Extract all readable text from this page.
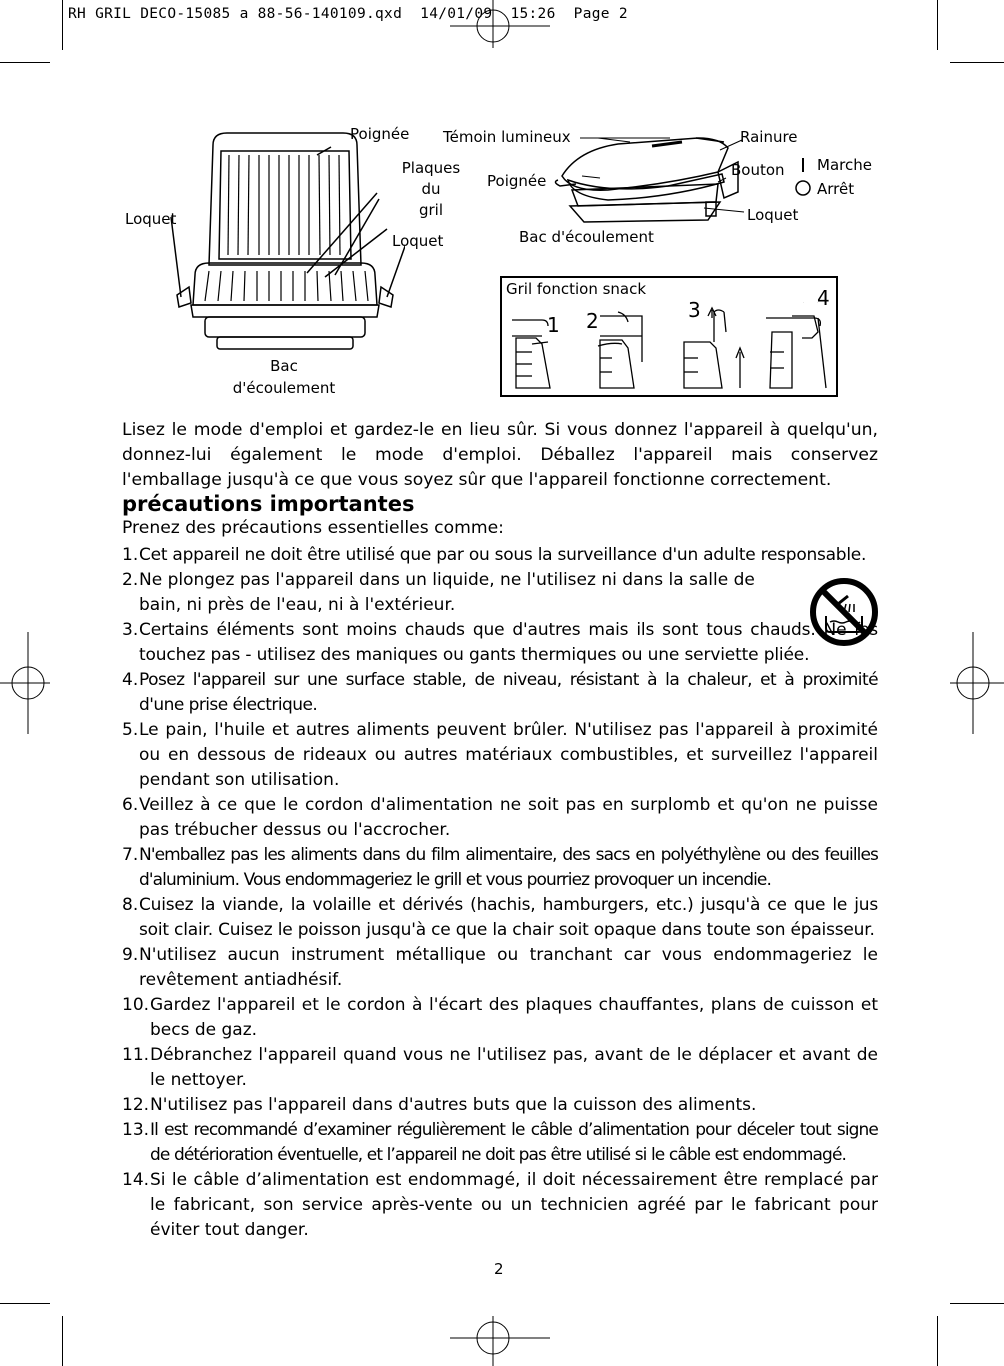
RH GRIL DECO-15085 a 88-56-140109.qxd  14/01/09  15:26  Page 2
Poignée
Plaques
du
gril
Loquet
Loquet
Bac
d'écoulement
Témoin lumineux	Rainure
Poignée
Bouton Marche
Arrêt
Loquet
Bac d'écoulement
Gril fonction snack
1 2	3	4
Lisez le mode d'emploi et gardez-le en lieu sûr. Si vous donnez l'appareil à quelqu'un, donnez-lui également le mode d'emploi. Déballez l'appareil mais conservez l'emballage jusqu'à ce que vous soyez sûr que l'appareil fonctionne correctement.
précautions importantes
Prenez des précautions essentielles comme:
1. Cet appareil ne doit être utilisé que par ou sous la surveillance d'un adulte responsable.
2. Ne plongez pas l'appareil dans un liquide, ne l'utilisez ni dans la salle de bain, ni près de l'eau, ni à l'extérieur.
3. Certains éléments sont moins chauds que d'autres mais ils sont tous chauds. Ne les touchez pas - utilisez des maniques ou gants thermiques ou une serviette pliée.
4. Posez l'appareil sur une surface stable, de niveau, résistant à la chaleur, et à proximité d'une prise électrique.
5. Le pain, l'huile et autres aliments peuvent brûler. N'utilisez pas l'appareil à proximité ou en dessous de rideaux ou autres matériaux combustibles, et surveillez l'appareil pendant son utilisation.
6. Veillez à ce que le cordon d'alimentation ne soit pas en surplomb et qu'on ne puisse pas trébucher dessus ou l'accrocher.
7. N'emballez pas les aliments dans du film alimentaire, des sacs en polyéthylène ou des feuilles d'aluminium. Vous endommageriez le grill et vous pourriez provoquer un incendie.
8. Cuisez la viande, la volaille et dérivés (hachis, hamburgers, etc.) jusqu'à ce que le jus soit clair. Cuisez le poisson jusqu'à ce que la chair soit opaque dans toute son épaisseur.
9. N'utilisez aucun instrument métallique ou tranchant car vous endommageriez le revêtement antiadhésif.
10. Gardez l'appareil et le cordon à l'écart des plaques chauffantes, plans de cuisson et becs de gaz.
11. Débranchez l'appareil quand vous ne l'utilisez pas, avant de le déplacer et avant de le nettoyer.
12. N'utilisez pas l'appareil dans d'autres buts que la cuisson des aliments.
13. Il est recommandé d’examiner régulièrement le câble d’alimentation pour déceler tout signe de détérioration éventuelle, et l’appareil ne doit pas être utilisé si le câble est endommagé.
14. Si le câble d’alimentation est endommagé, il doit nécessairement être remplacé par le fabricant, son service après-vente ou un technicien agréé par le fabricant pour éviter tout danger.
2
